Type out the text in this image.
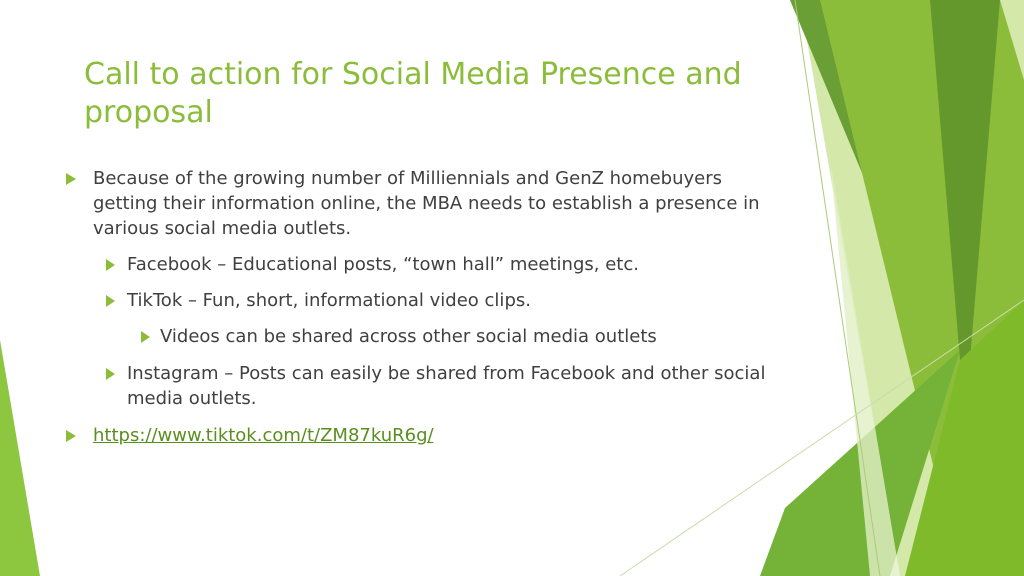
Call to action for Social Media Presence and proposal
Because of the growing number of Milliennials and GenZ homebuyers getting their information online, the MBA needs to establish a presence in various social media outlets.
Facebook – Educational posts, “town hall” meetings, etc.
TikTok – Fun, short, informational video clips.
Videos can be shared across other social media outlets
Instagram – Posts can easily be shared from Facebook and other social media outlets.
https://www.tiktok.com/t/ZM87kuR6g/
